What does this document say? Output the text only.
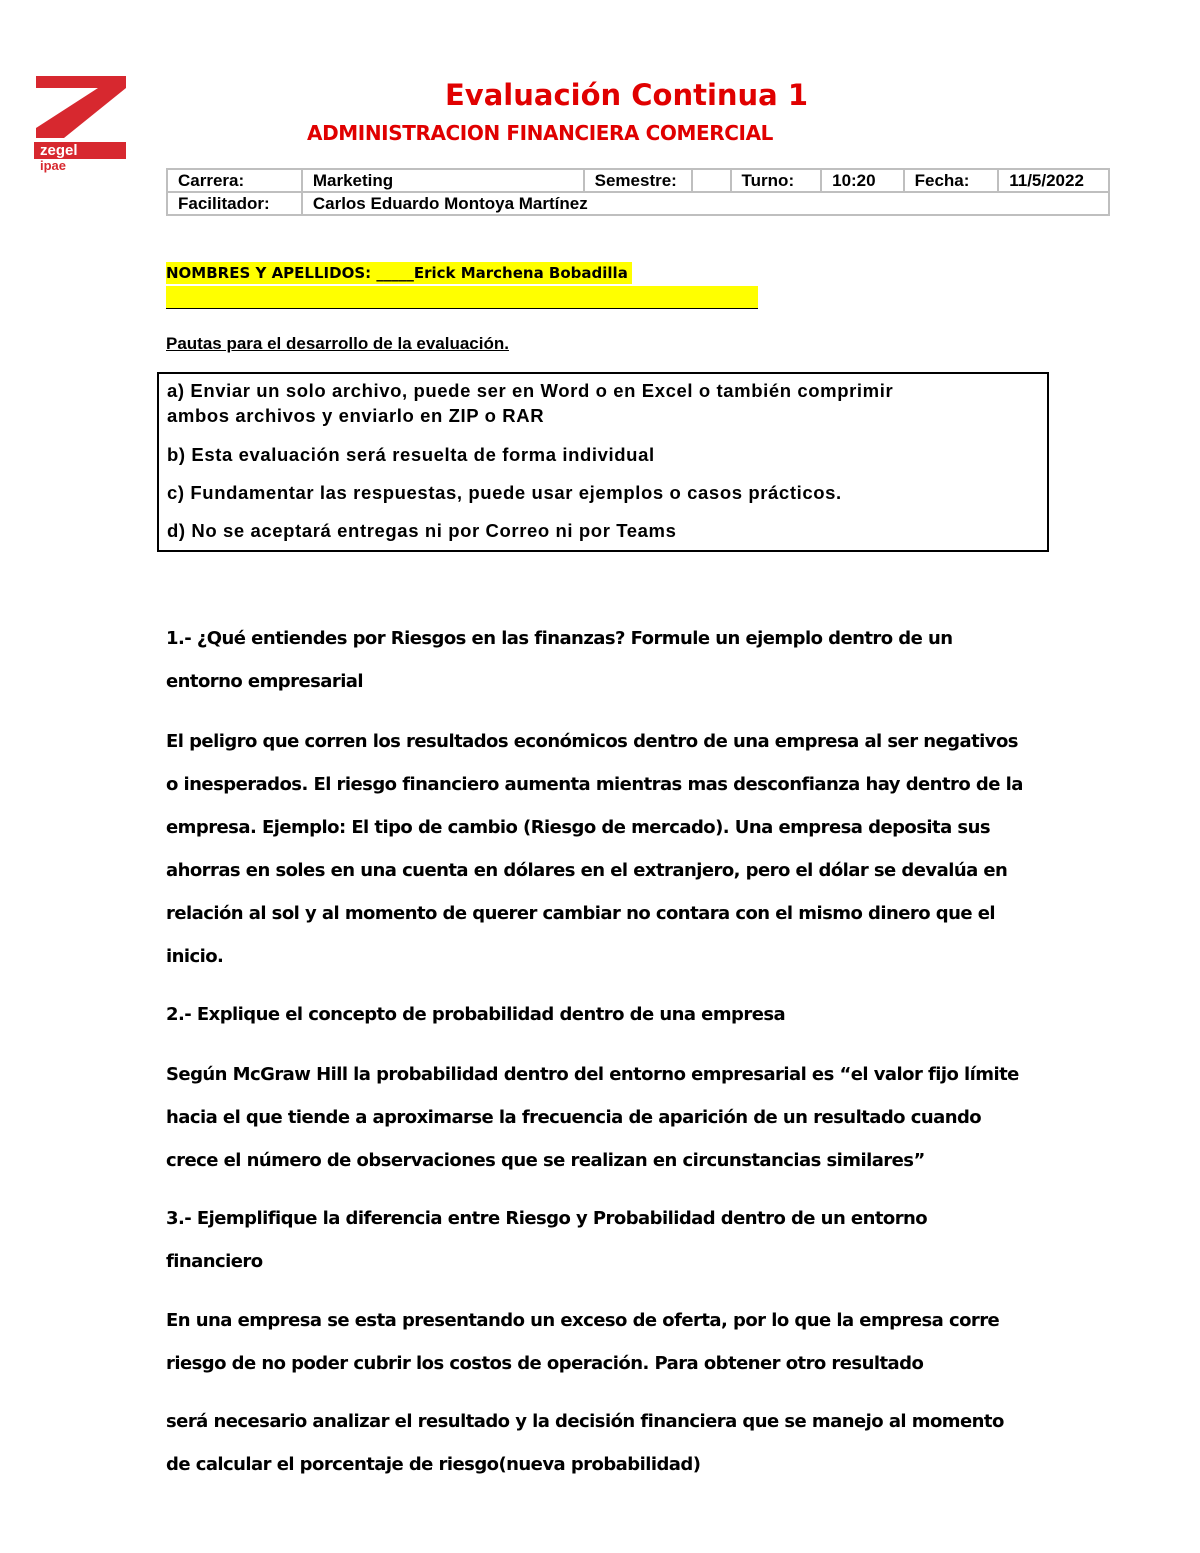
zegel
ipae
Evaluación Continua 1
ADMINISTRACION FINANCIERA COMERCIAL
Carrera:	Marketing	Semestre:		Turno:	10:20	Fecha:	11/5/2022
Facilitador:	Carlos Eduardo Montoya Martínez						
NOMBRES Y APELLIDOS: _____Erick Marchena Bobadilla
Pautas para el desarrollo de la evaluación.
a) Enviar un solo archivo, puede ser en Word o en Excel o también comprimir
ambos archivos y enviarlo en ZIP o RAR
b) Esta evaluación será resuelta de forma individual
c) Fundamentar las respuestas, puede usar ejemplos o casos prácticos.
d) No se aceptará entregas ni por Correo ni por Teams
1.- ¿Qué entiendes por Riesgos en las finanzas? Formule un ejemplo dentro de un
entorno empresarial
El peligro que corren los resultados económicos dentro de una empresa al ser negativos
o inesperados. El riesgo financiero aumenta mientras mas desconfianza hay dentro de la
empresa. Ejemplo: El tipo de cambio (Riesgo de mercado). Una empresa deposita sus
ahorras en soles en una cuenta en dólares en el extranjero, pero el dólar se devalúa en
relación al sol y al momento de querer cambiar no contara con el mismo dinero que el
inicio.
2.- Explique el concepto de probabilidad dentro de una empresa
Según McGraw Hill la probabilidad dentro del entorno empresarial es “el valor fijo límite
hacia el que tiende a aproximarse la frecuencia de aparición de un resultado cuando
crece el número de observaciones que se realizan en circunstancias similares”
3.- Ejemplifique la diferencia entre Riesgo y Probabilidad dentro de un entorno
financiero
En una empresa se esta presentando un exceso de oferta, por lo que la empresa corre
riesgo de no poder cubrir los costos de operación. Para obtener otro resultado
será necesario analizar el resultado y la decisión financiera que se manejo al momento
de calcular el porcentaje de riesgo(nueva probabilidad)
